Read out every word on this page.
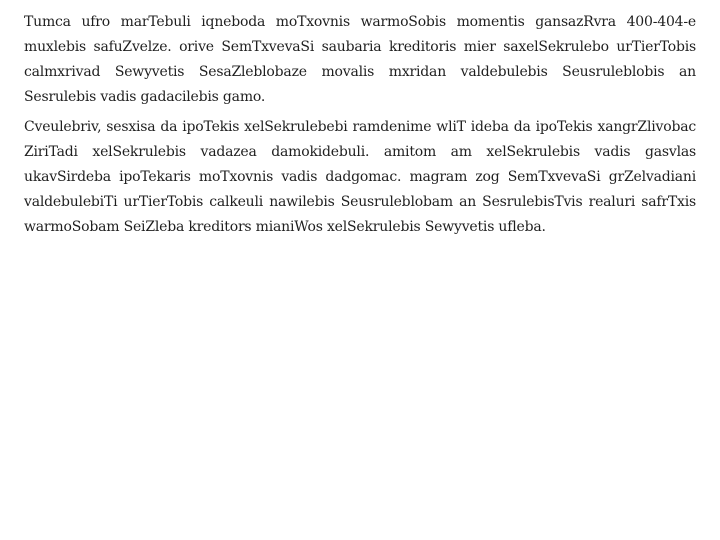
Tumca ufro marTebuli iqneboda moTxovnis warmoSobis momentis gansazRvra 400-404-e muxlebis safuZvelze. orive SemTxvevaSi saubaria kreditoris mier saxelSekrulebo urTierTobis calmxrivad Sewyvetis SesaZleblobaze movalis mxridan valdebulebis Seusruleblobis an Sesrulebis vadis gadacilebis gamo.

Cveulebriv, sesxisa da ipoTekis xelSekrulebebi ramdenime wliT ideba da ipoTekis xangrZlivobac ZiriTadi xelSekrulebis vadazea damokidebuli. amitom am xelSekrulebis vadis gasvlas ukavSirdeba ipoTekaris moTxovnis vadis dadgomac. magram zog SemTxvevaSi grZelvadiani valdebulebiTi urTierTobis calkeuli nawilebis Seusruleblobam an SesrulebisTvis realuri safrTxis warmoSobam SeiZleba kreditors mianiWos xelSekrulebis Sewyvetis ufleba.
